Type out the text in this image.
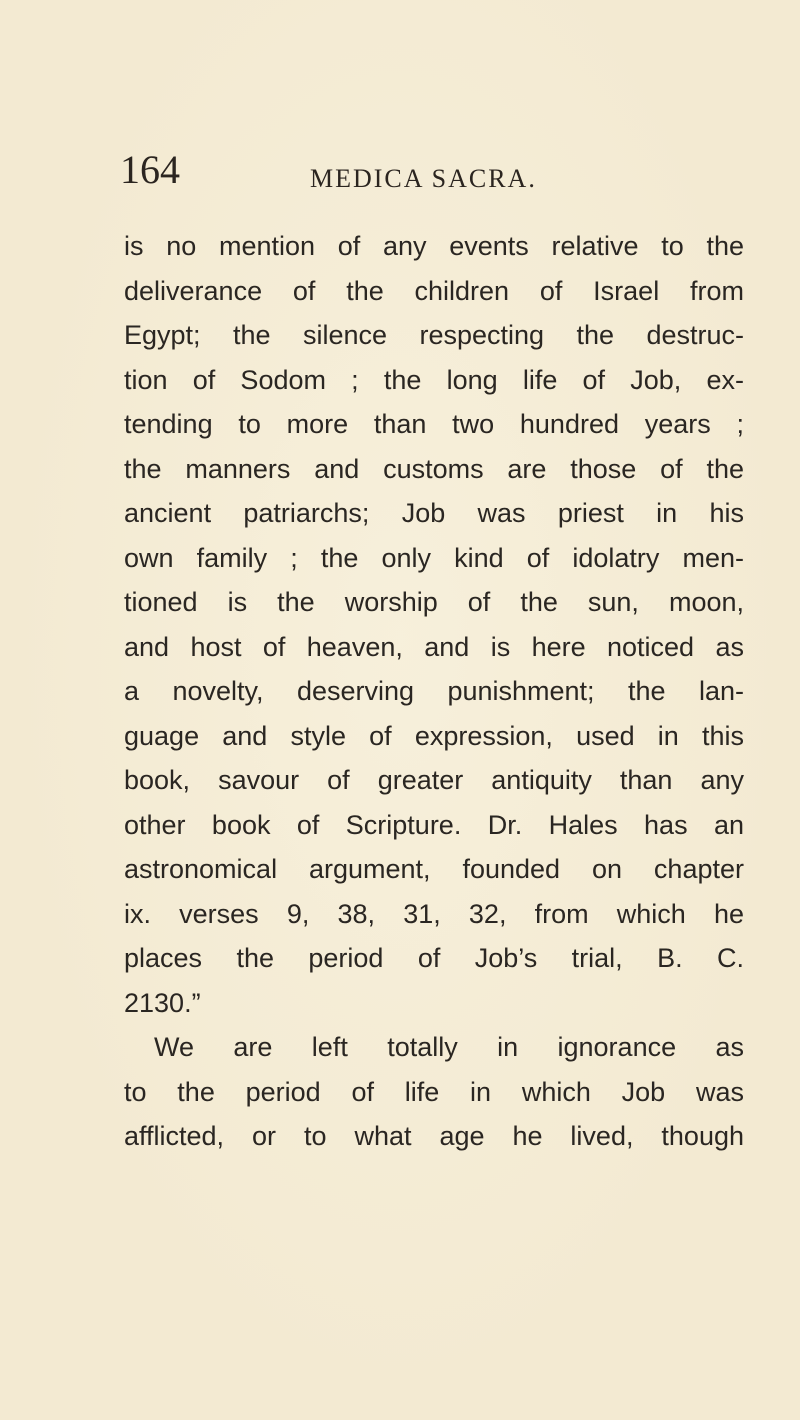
164	MEDICA SACRA.
is no mention of any events relative to the
deliverance of the children of Israel from
Egypt; the silence respecting the destruc-
tion of Sodom ; the long life of Job, ex-
tending to more than two hundred years ;
the manners and customs are those of the
ancient patriarchs; Job was priest in his
own family ; the only kind of idolatry men-
tioned is the worship of the sun, moon,
and host of heaven, and is here noticed as
a novelty, deserving punishment; the lan-
guage and style of expression, used in this
book, savour of greater antiquity than any
other book of Scripture. Dr. Hales has an
astronomical argument, founded on chapter
ix. verses 9, 38, 31, 32, from which he
places the period of Job’s trial, B. C.
2130.”
We are left totally in ignorance as
to the period of life in which Job was
afflicted, or to what age he lived, though
